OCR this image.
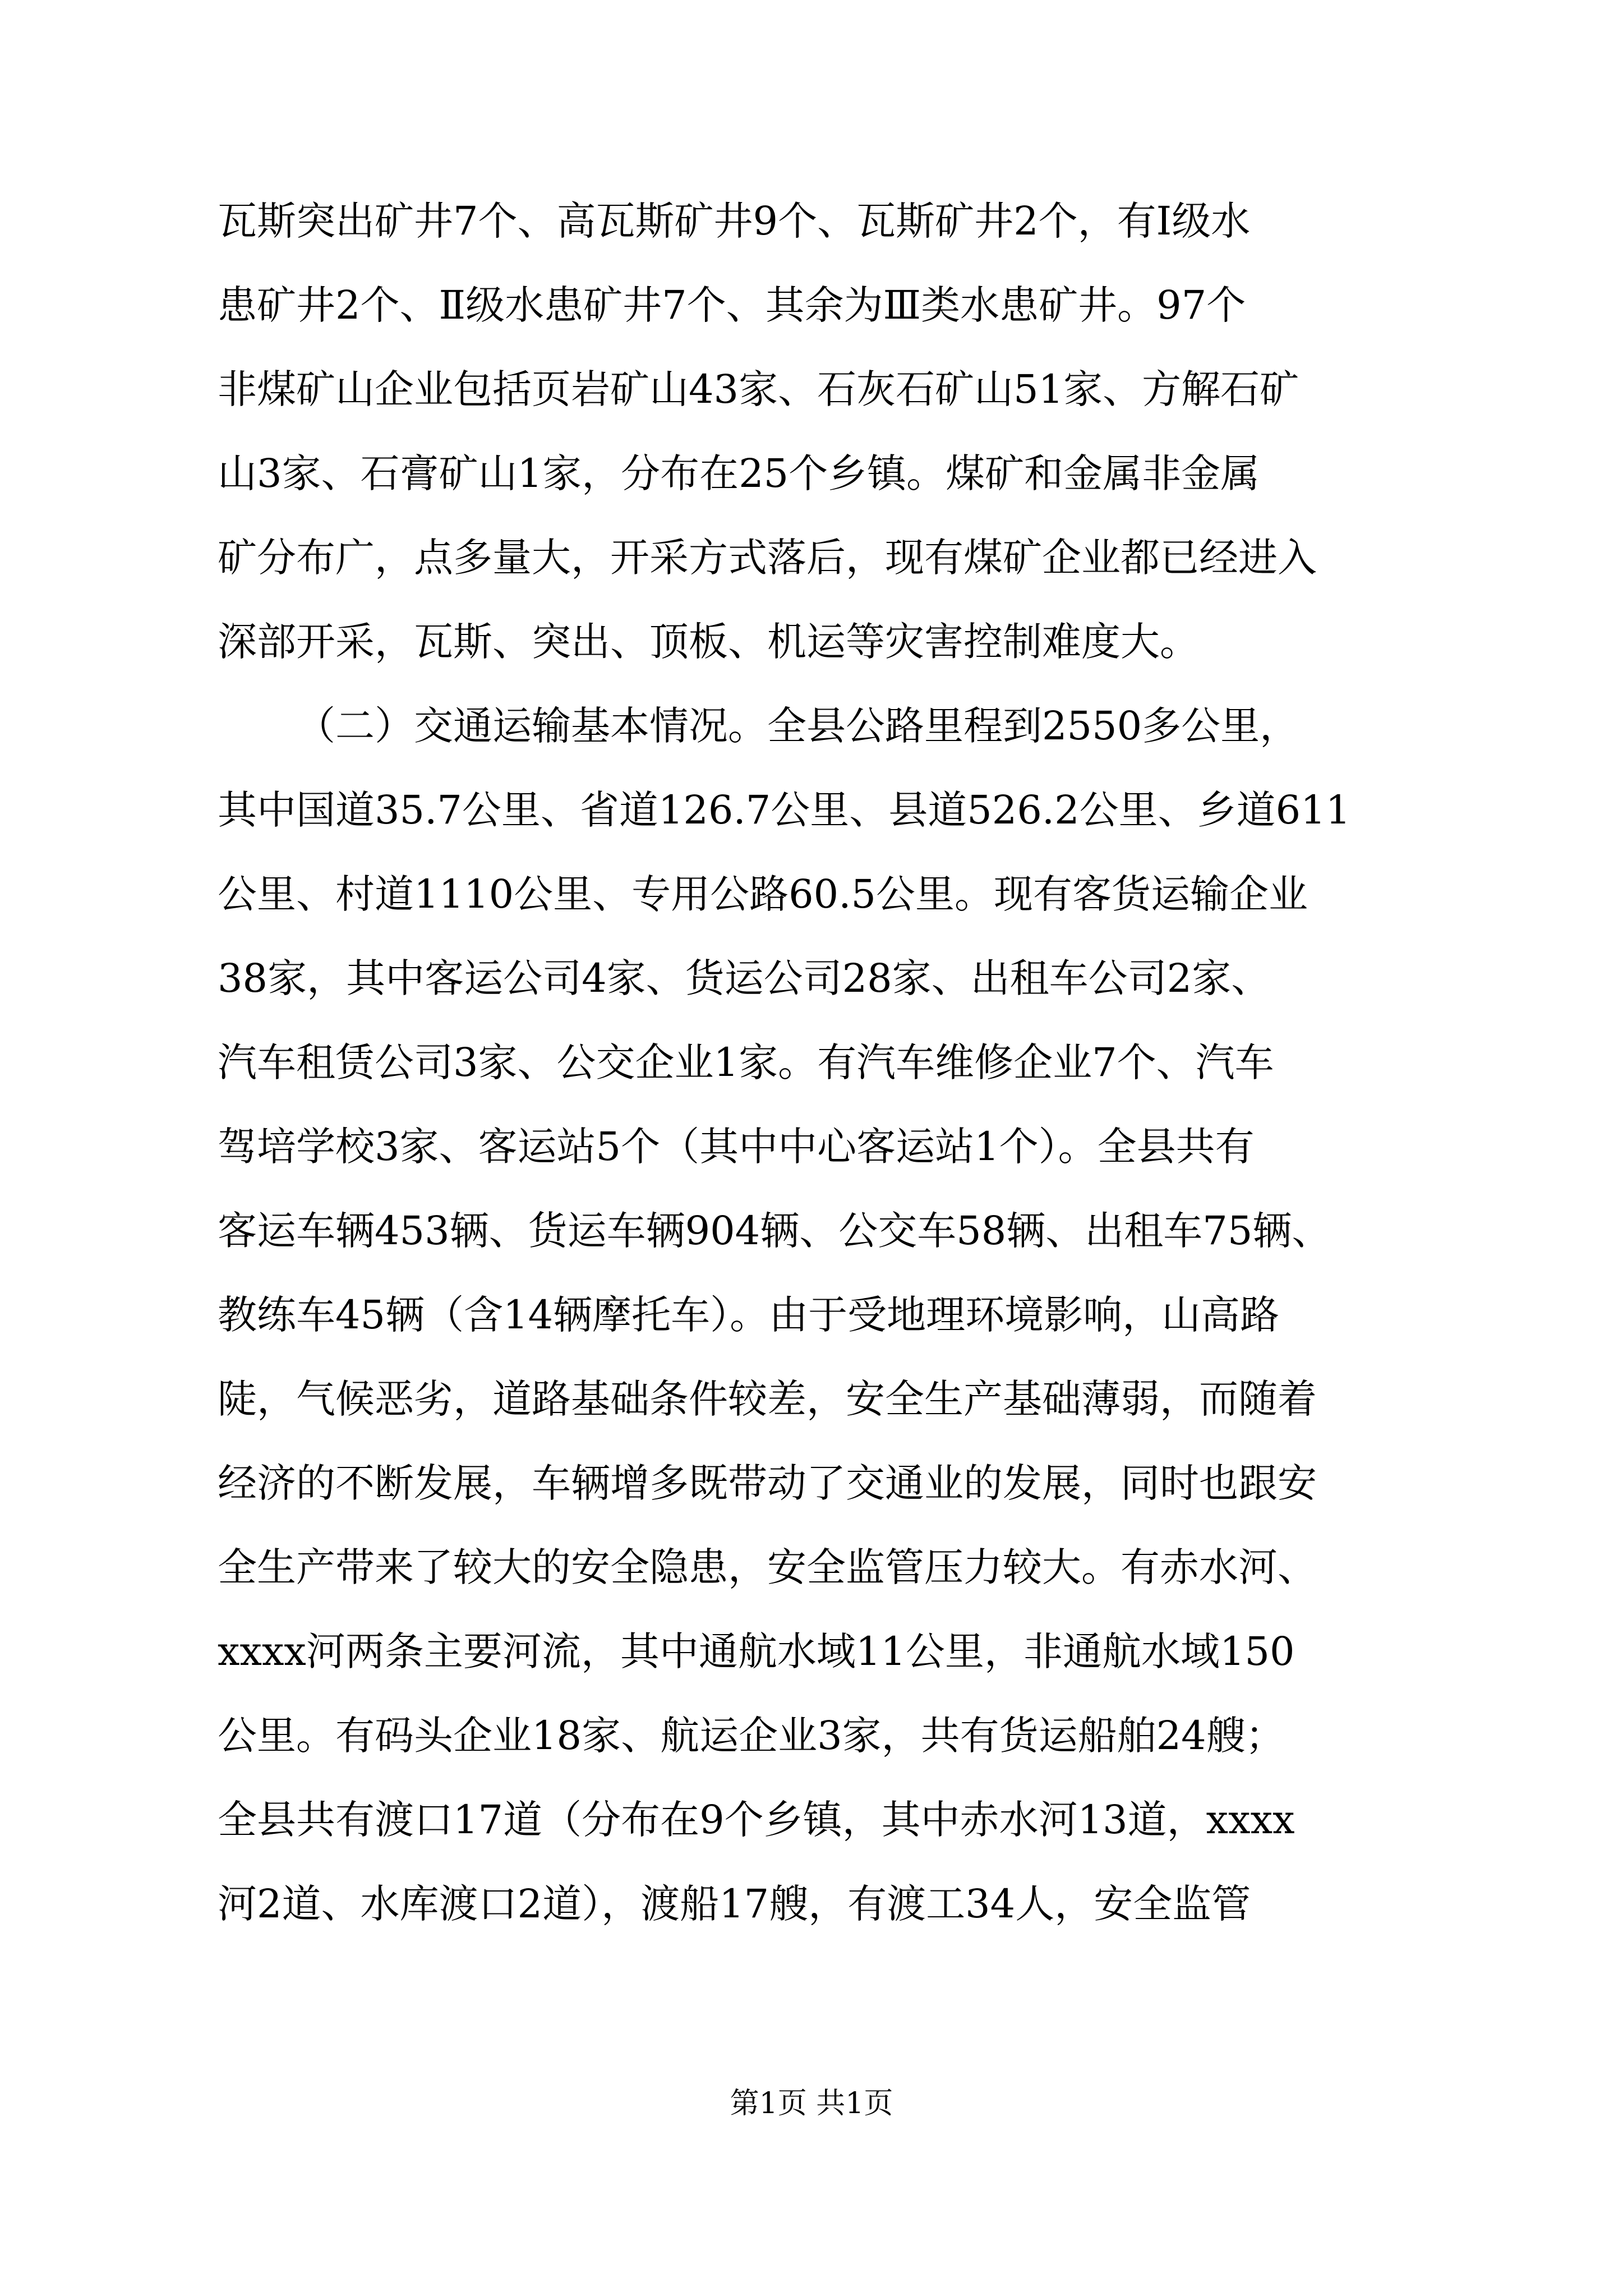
瓦斯突出矿井7个、高瓦斯矿井9个、瓦斯矿井2个，有Ⅰ级水
患矿井2个、Ⅱ级水患矿井7个、其余为Ⅲ类水患矿井。97个
非煤矿山企业包括页岩矿山43家、石灰石矿山51家、方解石矿
山3家、石膏矿山1家，分布在25个乡镇。煤矿和金属非金属
矿分布广，点多量大，开采方式落后，现有煤矿企业都已经进入
深部开采，瓦斯、突出、顶板、机运等灾害控制难度大。
（二）交通运输基本情况。全县公路里程到2550多公里，
其中国道35.7公里、省道126.7公里、县道526.2公里、乡道611
公里、村道1110公里、专用公路60.5公里。现有客货运输企业
38家，其中客运公司4家、货运公司28家、出租车公司2家、
汽车租赁公司3家、公交企业1家。有汽车维修企业7个、汽车
驾培学校3家、客运站5个（其中中心客运站1个）。全县共有
客运车辆453辆、货运车辆904辆、公交车58辆、出租车75辆、
教练车45辆（含14辆摩托车）。由于受地理环境影响，山高路
陡，气候恶劣，道路基础条件较差，安全生产基础薄弱，而随着
经济的不断发展，车辆增多既带动了交通业的发展，同时也跟安
全生产带来了较大的安全隐患，安全监管压力较大。有赤水河、
xxxx河两条主要河流，其中通航水域11公里，非通航水域150
公里。有码头企业18家、航运企业3家，共有货运船舶24艘；
全县共有渡口17道（分布在9个乡镇，其中赤水河13道，xxxx
河2道、水库渡口2道），渡船17艘，有渡工34人，安全监管
第1页 共1页
